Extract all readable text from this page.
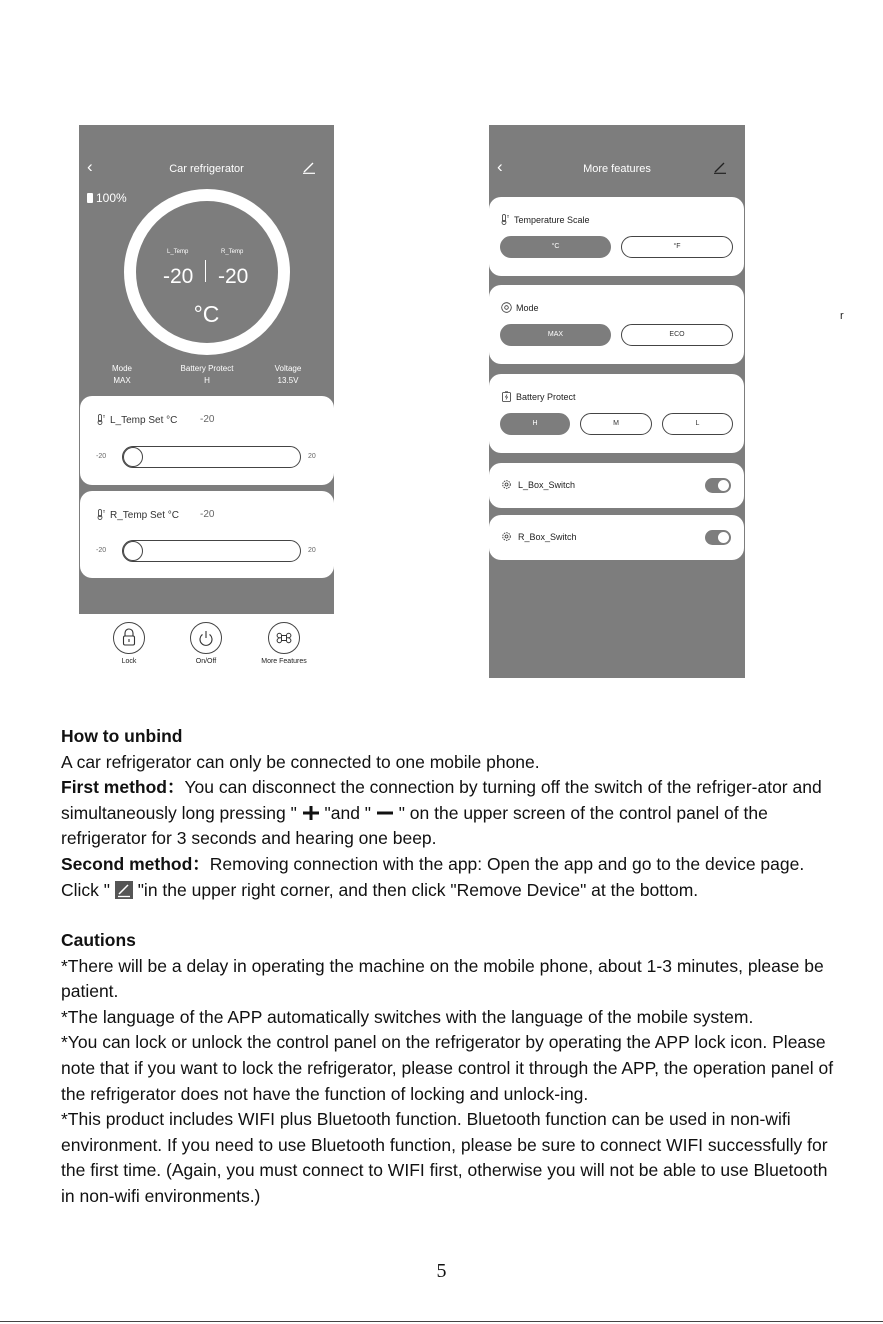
‹	Car refrigerator
100%
L_Temp	R_Temp
-20 -20
°C
Mode
MAX
Battery Protect
H
Voltage
13.5V
L_Temp Set °C -20
-20	20
R_Temp Set °C -20
-20	20
Lock	On/Off	More Features
‹	More features
Temperature Scale
°C	°F
Mode
MAX	ECO
Battery Protect
H	M	L
L_Box_Switch
R_Box_Switch
r

How to unbind

A car refrigerator can only be connected to one mobile phone.

First method：You can disconnect the connection by turning off the switch of the refriger-ator and simultaneously long pressing "  "and "  " on the upper screen of the control panel of the refrigerator for 3 seconds and hearing one beep.

Second method：Removing connection with the app: Open the app and go to the device page. Click "  "in the upper right corner, and then click "Remove Device" at the bottom.

Cautions

*There will be a delay in operating the machine on the mobile phone, about 1-3 minutes, please be patient.

*The language of the APP automatically switches with the language of the mobile system.

*You can lock or unlock the control panel on the refrigerator by operating the APP lock icon. Please note that if you want to lock the refrigerator, please control it through the APP, the operation panel of the refrigerator does not have the function of locking and unlock-ing.

*This product includes WIFI plus Bluetooth function. Bluetooth function can be used in non-wifi environment. If you need to use Bluetooth function, please be sure to connect WIFI successfully for the first time. (Again, you must connect to WIFI first, otherwise you will not be able to use Bluetooth in non-wifi environments.)

5
